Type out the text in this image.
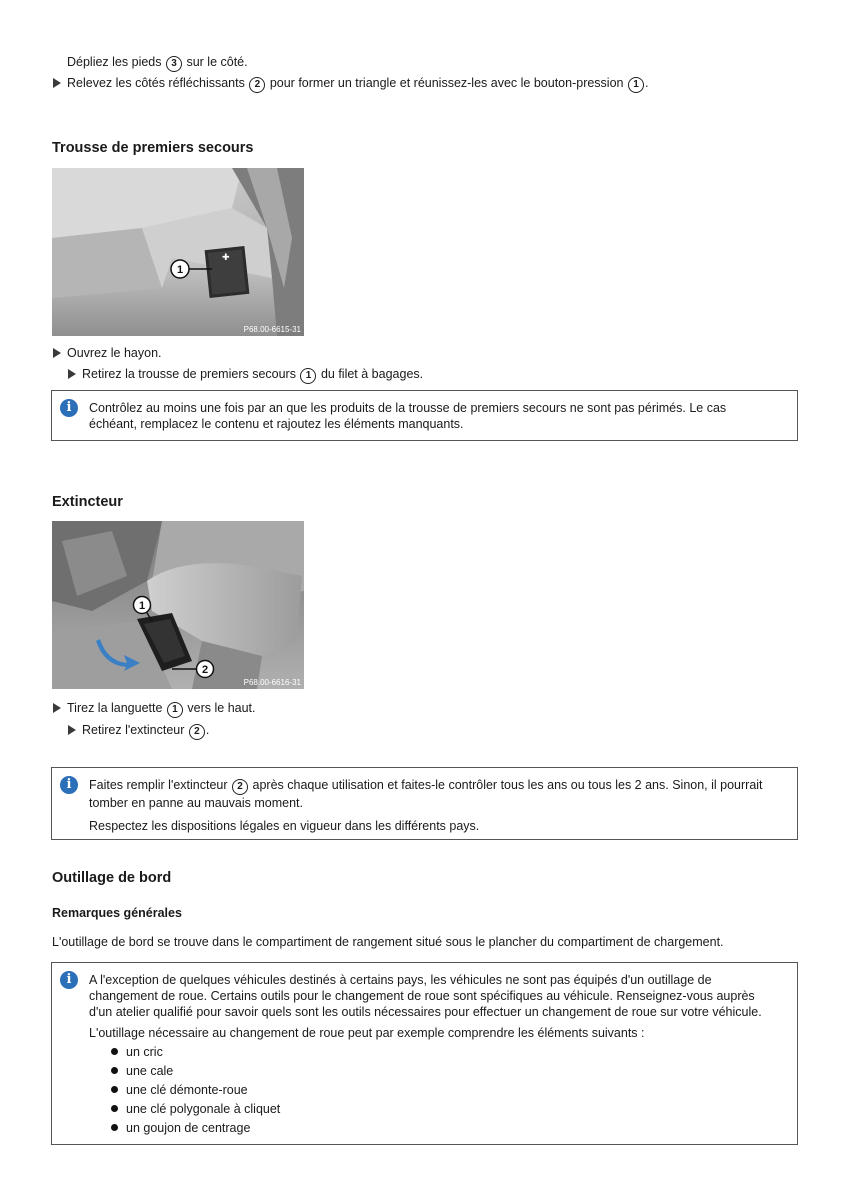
Dépliez les pieds 3 sur le côté.
Relevez les côtés réfléchissants 2 pour former un triangle et réunissez-les avec le bouton-pression 1 .
Trousse de premiers secours
✚
1
P68.00-6615-31
Ouvrez le hayon.
Retirez la trousse de premiers secours 1 du filet à bagages.
i	Contrôlez au moins une fois par an que les produits de la trousse de premiers secours ne sont pas périmés. Le cas
échéant, remplacez le contenu et rajoutez les éléments manquants.
Extincteur
1
2
P68.00-6616-31
Tirez la languette 1 vers le haut.
Retirez l'extincteur 2 .
i	Faites remplir l'extincteur 2 après chaque utilisation et faites-le contrôler tous les ans ou tous les 2 ans. Sinon, il pourrait
tomber en panne au mauvais moment.
Respectez les dispositions légales en vigueur dans les différents pays.
Outillage de bord
Remarques générales
L'outillage de bord se trouve dans le compartiment de rangement situé sous le plancher du compartiment de chargement.
i	A l'exception de quelques véhicules destinés à certains pays, les véhicules ne sont pas équipés d'un outillage de
changement de roue. Certains outils pour le changement de roue sont spécifiques au véhicule. Renseignez-vous auprès
d'un atelier qualifié pour savoir quels sont les outils nécessaires pour effectuer un changement de roue sur votre véhicule.
L'outillage nécessaire au changement de roue peut par exemple comprendre les éléments suivants :
un cric
une cale
une clé démonte-roue
une clé polygonale à cliquet
un goujon de centrage
